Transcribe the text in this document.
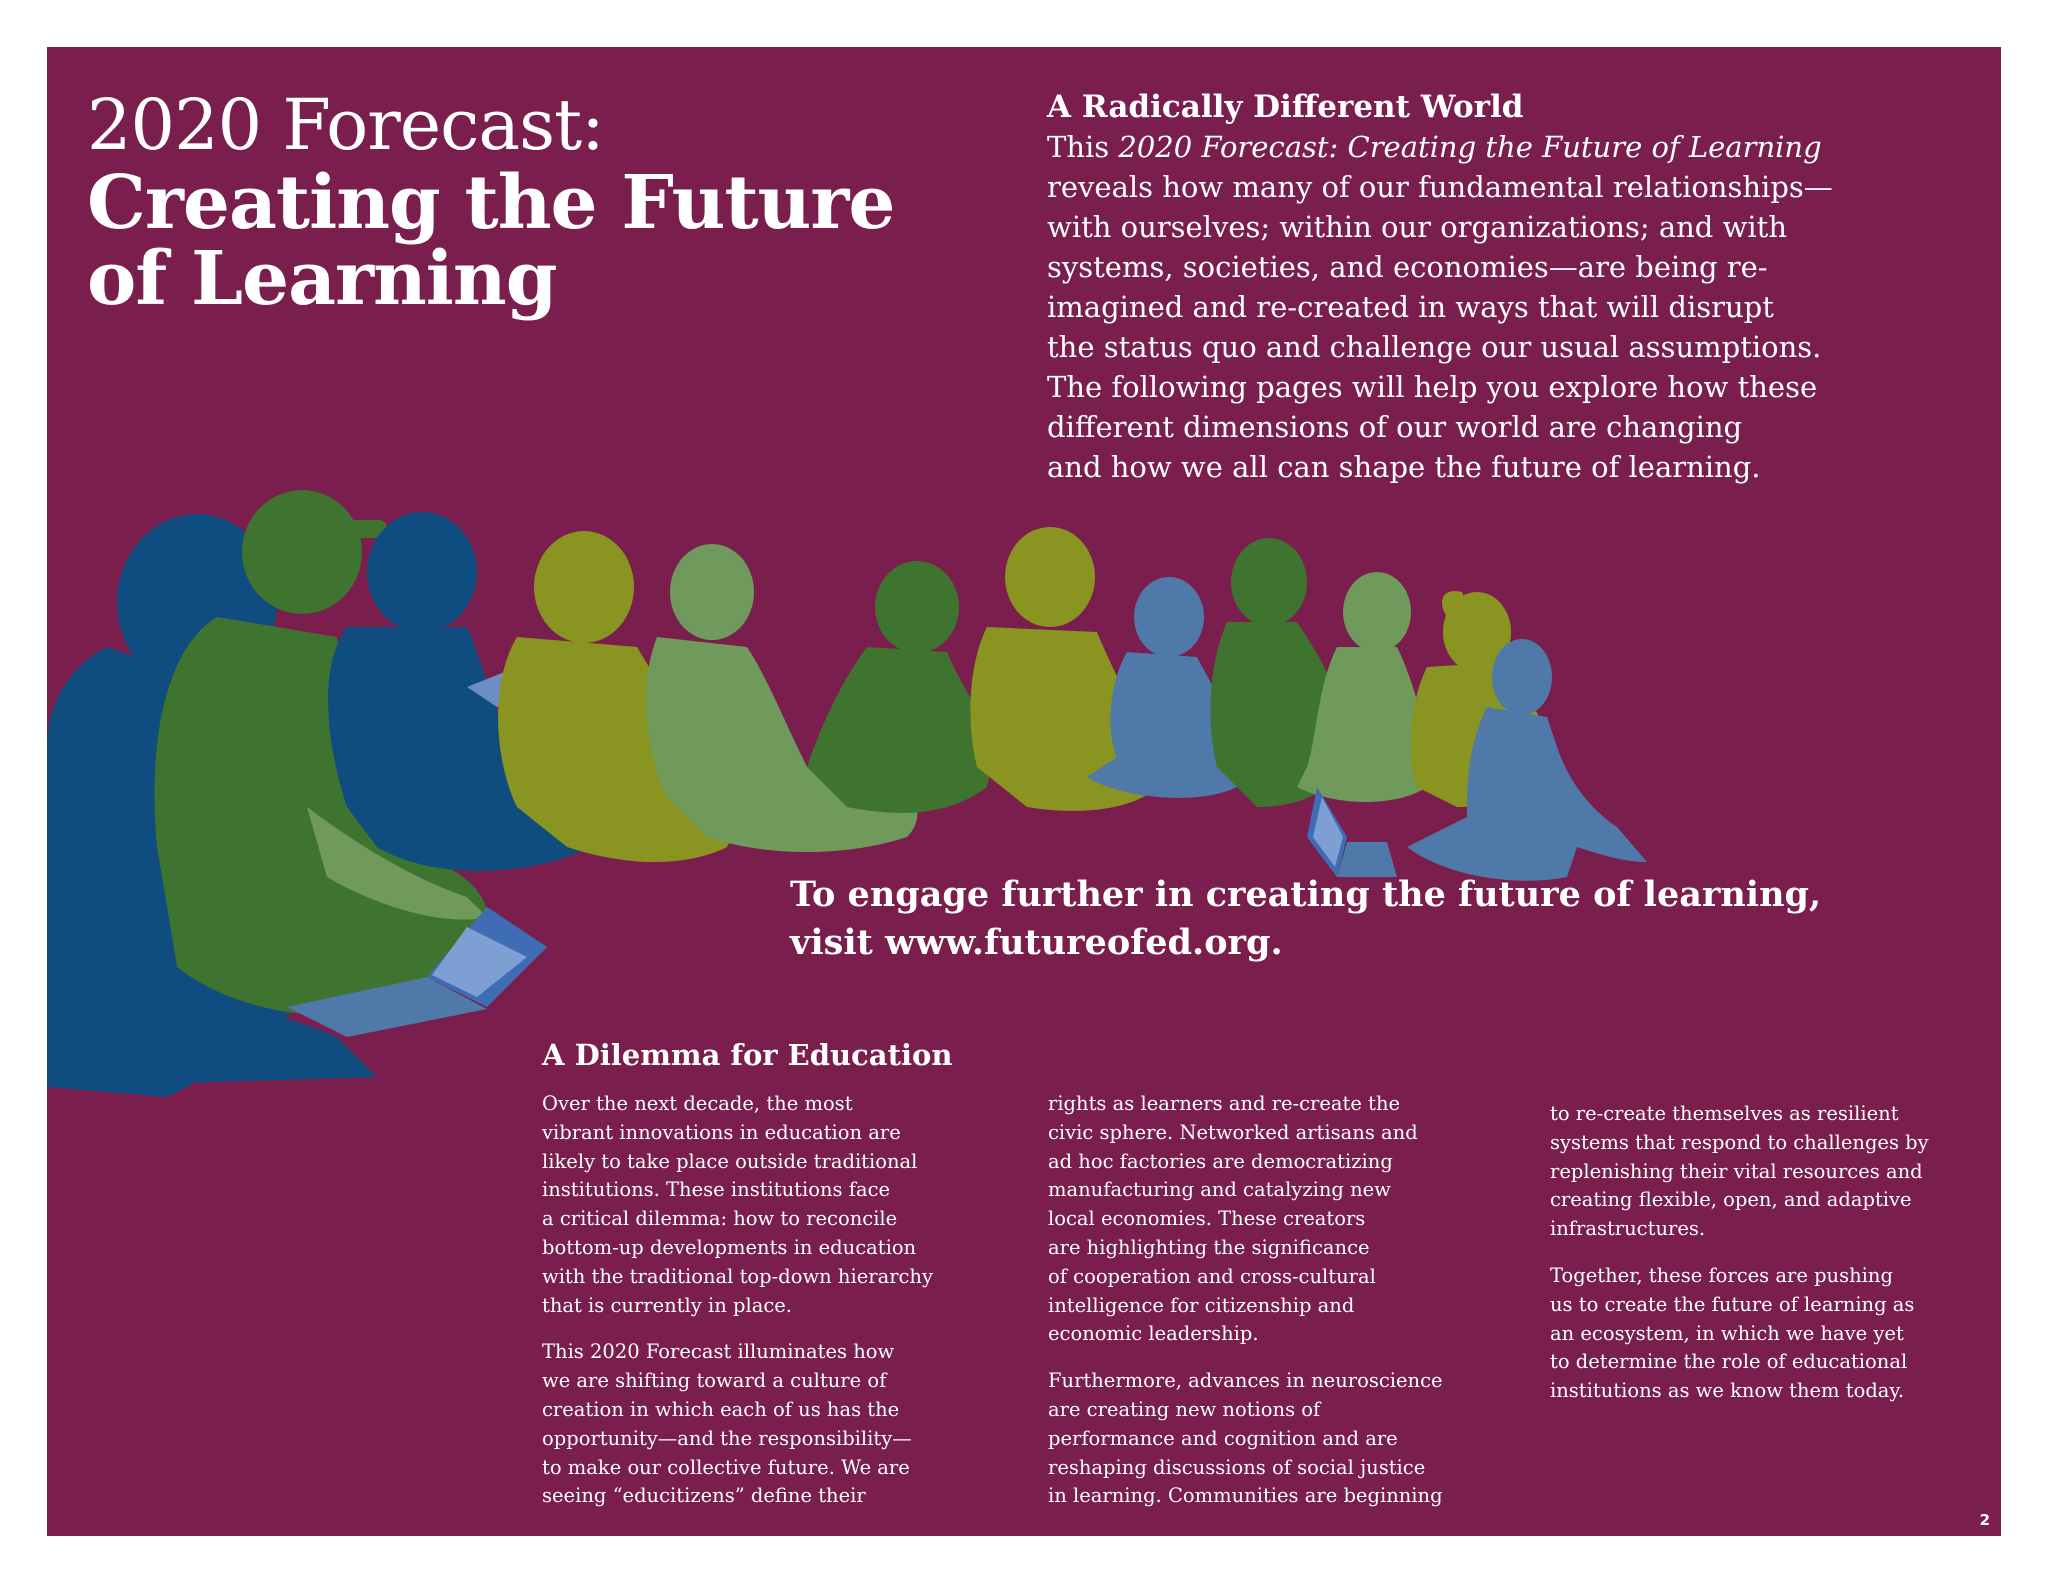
2020 Forecast:
Creating the Future of Learning
A Radically Different World
This 2020 Forecast: Creating the Future of Learning
reveals how many of our fundamental relationships—
with ourselves; within our organizations; and with
systems, societies, and economies—are being re-
imagined and re-created in ways that will disrupt
the status quo and challenge our usual assumptions.
The following pages will help you explore how these
different dimensions of our world are changing
and how we all can shape the future of learning.
To engage further in creating the future of learning,
visit www.futureofed.org.
A Dilemma for Education

Over the next decade, the most
vibrant innovations in education are
likely to take place outside traditional
institutions. These institutions face
a critical dilemma: how to reconcile
bottom-up developments in education
with the traditional top-down hierarchy
that is currently in place.

This 2020 Forecast illuminates how
we are shifting toward a culture of
creation in which each of us has the
opportunity—and the responsibility—
to make our collective future. We are
seeing “educitizens” define their

rights as learners and re-create the
civic sphere. Networked artisans and
ad hoc factories are democratizing
manufacturing and catalyzing new
local economies. These creators
are highlighting the significance
of cooperation and cross-cultural
intelligence for citizenship and
economic leadership.

Furthermore, advances in neuroscience
are creating new notions of
performance and cognition and are
reshaping discussions of social justice
in learning. Communities are beginning

to re-create themselves as resilient
systems that respond to challenges by
replenishing their vital resources and
creating flexible, open, and adaptive
infrastructures.

Together, these forces are pushing
us to create the future of learning as
an ecosystem, in which we have yet
to determine the role of educational
institutions as we know them today.

2
